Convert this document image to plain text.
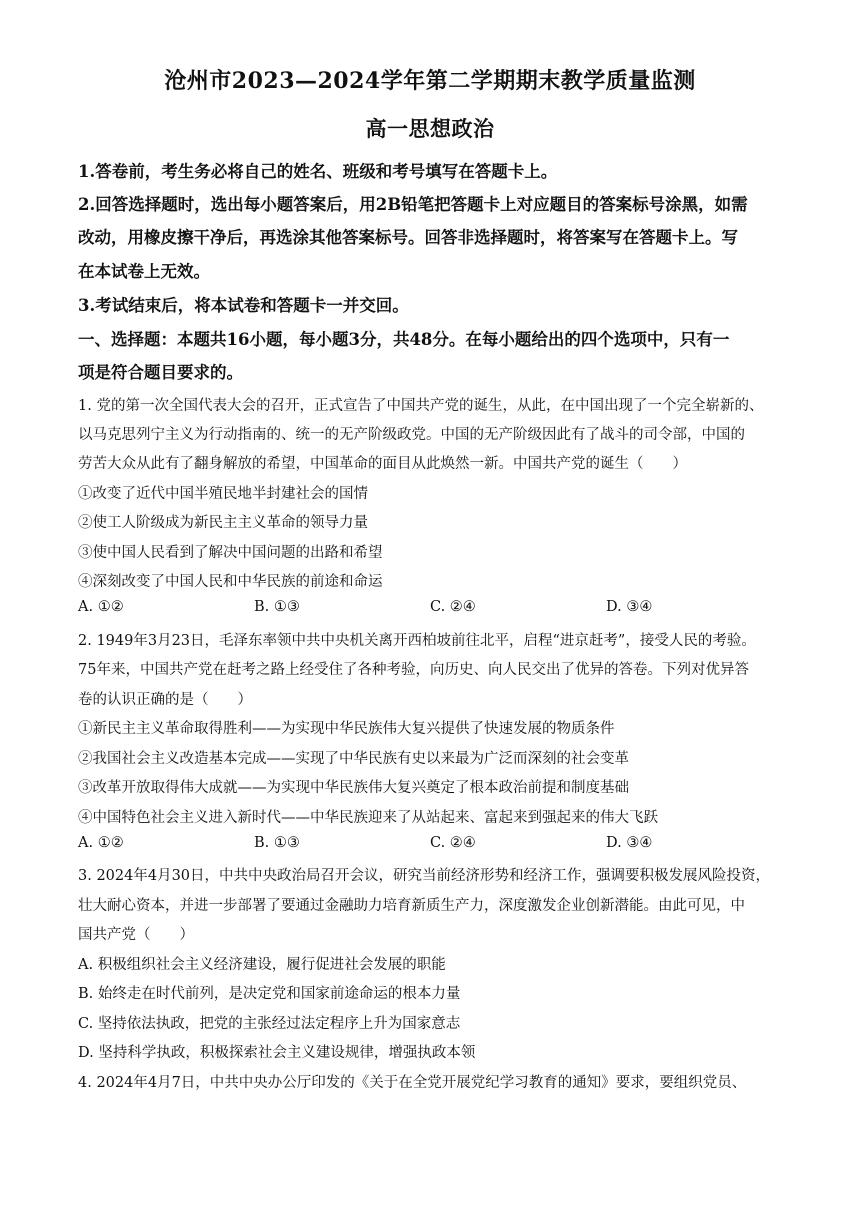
沧州市2023—2024学年第二学期期末教学质量监测
高一思想政治
1.答卷前，考生务必将自己的姓名、班级和考号填写在答题卡上。
2.回答选择题时，选出每小题答案后，用2B铅笔把答题卡上对应题目的答案标号涂黑，如需
改动，用橡皮擦干净后，再选涂其他答案标号。回答非选择题时，将答案写在答题卡上。写
在本试卷上无效。
3.考试结束后，将本试卷和答题卡一并交回。
一、选择题：本题共16小题，每小题3分，共48分。在每小题给出的四个选项中，只有一
项是符合题目要求的。
1. 党的第一次全国代表大会的召开，正式宣告了中国共产党的诞生，从此，在中国出现了一个完全崭新的、
以马克思列宁主义为行动指南的、统一的无产阶级政党。中国的无产阶级因此有了战斗的司令部，中国的
劳苦大众从此有了翻身解放的希望，中国革命的面目从此焕然一新。中国共产党的诞生（　　）
①改变了近代中国半殖民地半封建社会的国情
②使工人阶级成为新民主主义革命的领导力量
③使中国人民看到了解决中国问题的出路和希望
④深刻改变了中国人民和中华民族的前途和命运
A. ①②	B. ①③	C. ②④	D. ③④
2. 1949年3月23日，毛泽东率领中共中央机关离开西柏坡前往北平，启程“进京赶考”，接受人民的考验。
75年来，中国共产党在赶考之路上经受住了各种考验，向历史、向人民交出了优异的答卷。下列对优异答
卷的认识正确的是（　　）
①新民主主义革命取得胜利——为实现中华民族伟大复兴提供了快速发展的物质条件
②我国社会主义改造基本完成——实现了中华民族有史以来最为广泛而深刻的社会变革
③改革开放取得伟大成就——为实现中华民族伟大复兴奠定了根本政治前提和制度基础
④中国特色社会主义进入新时代——中华民族迎来了从站起来、富起来到强起来的伟大飞跃
A. ①②	B. ①③	C. ②④	D. ③④
3. 2024年4月30日，中共中央政治局召开会议，研究当前经济形势和经济工作，强调要积极发展风险投资，
壮大耐心资本，并进一步部署了要通过金融助力培育新质生产力，深度激发企业创新潜能。由此可见，中
国共产党（　　）
A. 积极组织社会主义经济建设，履行促进社会发展的职能
B. 始终走在时代前列，是决定党和国家前途命运的根本力量
C. 坚持依法执政，把党的主张经过法定程序上升为国家意志
D. 坚持科学执政，积极探索社会主义建设规律，增强执政本领
4. 2024年4月7日，中共中央办公厅印发的《关于在全党开展党纪学习教育的通知》要求，要组织党员、
